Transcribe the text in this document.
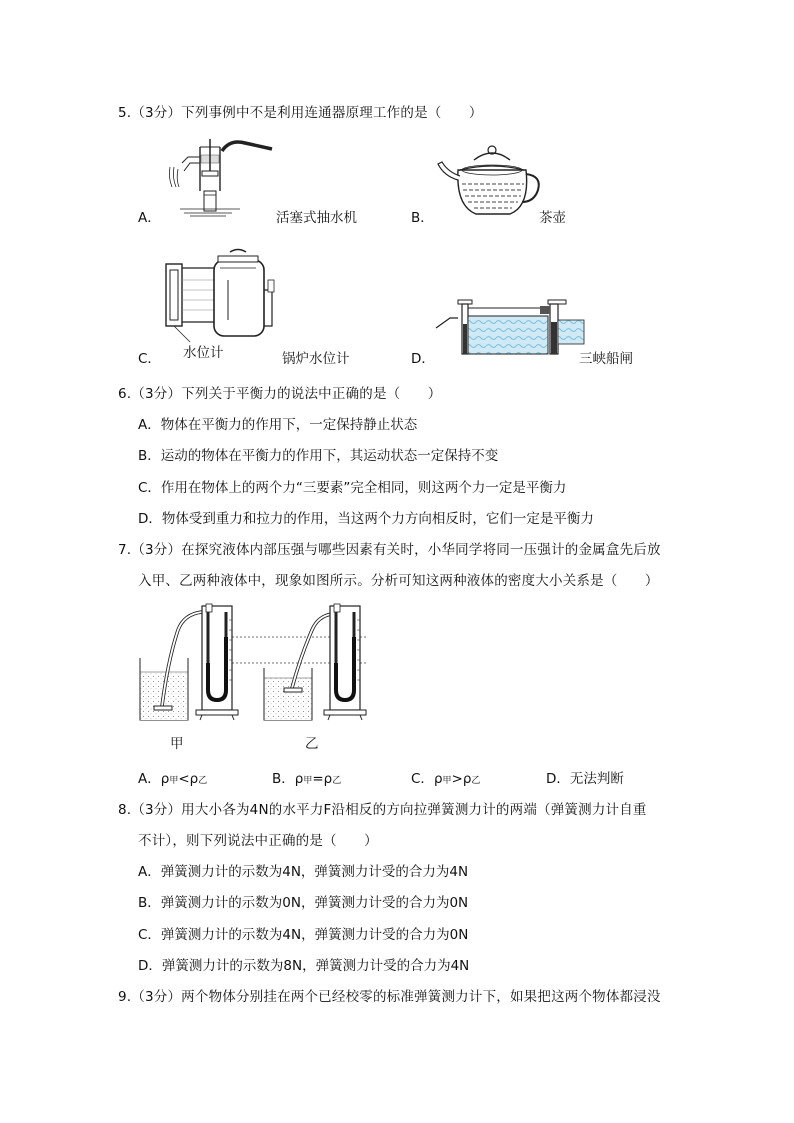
5.（3分）下列事例中不是利用连通器原理工作的是（　　）
A．	活塞式抽水机	B．	茶壶
水位计
C．	锅炉水位计	D．	三峡船闸
6.（3分）下列关于平衡力的说法中正确的是（　　）
A．物体在平衡力的作用下，一定保持静止状态
B．运动的物体在平衡力的作用下，其运动状态一定保持不变
C．作用在物体上的两个力“三要素”完全相同，则这两个力一定是平衡力
D．物体受到重力和拉力的作用，当这两个力方向相反时，它们一定是平衡力
7.（3分）在探究液体内部压强与哪些因素有关时，小华同学将同一压强计的金属盒先后放
入甲、乙两种液体中，现象如图所示。分析可知这两种液体的密度大小关系是（　　）
甲	乙
A．ρ甲<ρ乙	B．ρ甲=ρ乙	C．ρ甲>ρ乙	D．无法判断
8.（3分）用大小各为4N的水平力F沿相反的方向拉弹簧测力计的两端（弹簧测力计自重
不计），则下列说法中正确的是（　　）
A．弹簧测力计的示数为4N，弹簧测力计受的合力为4N
B．弹簧测力计的示数为0N，弹簧测力计受的合力为0N
C．弹簧测力计的示数为4N，弹簧测力计受的合力为0N
D．弹簧测力计的示数为8N，弹簧测力计受的合力为4N
9.（3分）两个物体分别挂在两个已经校零的标准弹簧测力计下，如果把这两个物体都浸没
